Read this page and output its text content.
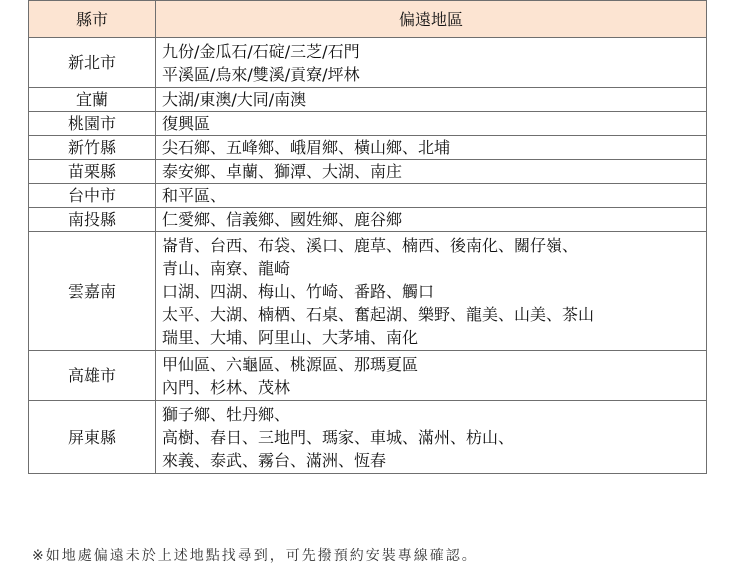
縣市	偏遠地區
新北市	九份/金瓜石/石碇/三芝/石門
平溪區/烏來/雙溪/貢寮/坪林

宜蘭	大湖/東澳/大同/南澳

桃園市	復興區

新竹縣	尖石鄉、五峰鄉、峨眉鄉、橫山鄉、北埔

苗栗縣	泰安鄉、卓蘭、獅潭、大湖、南庄

台中市	和平區、

南投縣	仁愛鄉、信義鄉、國姓鄉、鹿谷鄉

雲嘉南	崙背、台西、布袋、溪口、鹿草、楠西、後南化、關仔嶺、
青山、南寮、龍崎
口湖、四湖、梅山、竹崎、番路、觸口
太平、大湖、楠栖、石桌、奮起湖、樂野、龍美、山美、茶山
瑞里、大埔、阿里山、大茅埔、南化

高雄市	甲仙區、六龜區、桃源區、那瑪夏區
內門、杉林、茂林

屏東縣	獅子鄉、牡丹鄉、
高樹、春日、三地門、瑪家、車城、滿州、枋山、
來義、泰武、霧台、滿洲、恆春
※如地處偏遠未於上述地點找尋到，可先撥預約安裝專線確認。
